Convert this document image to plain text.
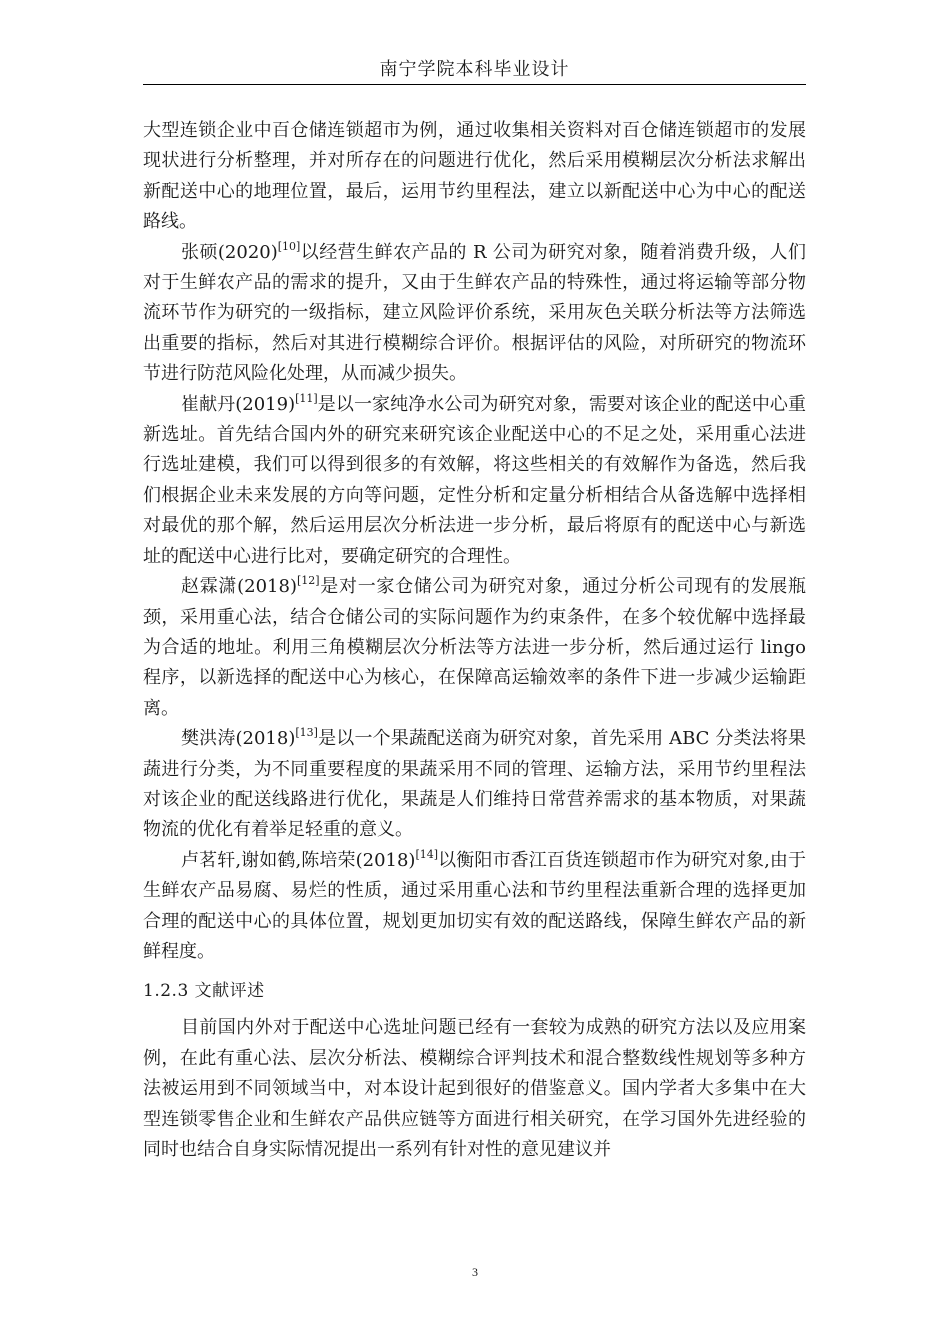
南宁学院本科毕业设计

大型连锁企业中百仓储连锁超市为例，通过收集相关资料对百仓储连锁超市的发展现状进行分析整理，并对所存在的问题进行优化，然后采用模糊层次分析法求解出新配送中心的地理位置，最后，运用节约里程法，建立以新配送中心为中心的配送路线。

张硕(2020)[10]以经营生鲜农产品的 R 公司为研究对象，随着消费升级，人们对于生鲜农产品的需求的提升，又由于生鲜农产品的特殊性，通过将运输等部分物流环节作为研究的一级指标，建立风险评价系统，采用灰色关联分析法等方法筛选出重要的指标，然后对其进行模糊综合评价。根据评估的风险，对所研究的物流环节进行防范风险化处理，从而减少损失。

崔献丹(2019)[11]是以一家纯净水公司为研究对象，需要对该企业的配送中心重新选址。首先结合国内外的研究来研究该企业配送中心的不足之处，采用重心法进行选址建模，我们可以得到很多的有效解，将这些相关的有效解作为备选，然后我们根据企业未来发展的方向等问题，定性分析和定量分析相结合从备选解中选择相对最优的那个解，然后运用层次分析法进一步分析，最后将原有的配送中心与新选址的配送中心进行比对，要确定研究的合理性。

赵霖潇(2018)[12]是对一家仓储公司为研究对象，通过分析公司现有的发展瓶颈，采用重心法，结合仓储公司的实际问题作为约束条件，在多个较优解中选择最为合适的地址。利用三角模糊层次分析法等方法进一步分析，然后通过运行 lingo 程序，以新选择的配送中心为核心，在保障高运输效率的条件下进一步减少运输距离。

樊洪涛(2018)[13]是以一个果蔬配送商为研究对象，首先采用 ABC 分类法将果蔬进行分类，为不同重要程度的果蔬采用不同的管理、运输方法，采用节约里程法对该企业的配送线路进行优化，果蔬是人们维持日常营养需求的基本物质，对果蔬物流的优化有着举足轻重的意义。

卢茗轩,谢如鹤,陈培荣(2018)[14]以衡阳市香江百货连锁超市作为研究对象,由于生鲜农产品易腐、易烂的性质，通过采用重心法和节约里程法重新合理的选择更加合理的配送中心的具体位置，规划更加切实有效的配送路线，保障生鲜农产品的新鲜程度。

1.2.3 文献评述

目前国内外对于配送中心选址问题已经有一套较为成熟的研究方法以及应用案例，在此有重心法、层次分析法、模糊综合评判技术和混合整数线性规划等多种方法被运用到不同领域当中，对本设计起到很好的借鉴意义。国内学者大多集中在大型连锁零售企业和生鲜农产品供应链等方面进行相关研究，在学习国外先进经验的同时也结合自身实际情况提出一系列有针对性的意见建议并

3
